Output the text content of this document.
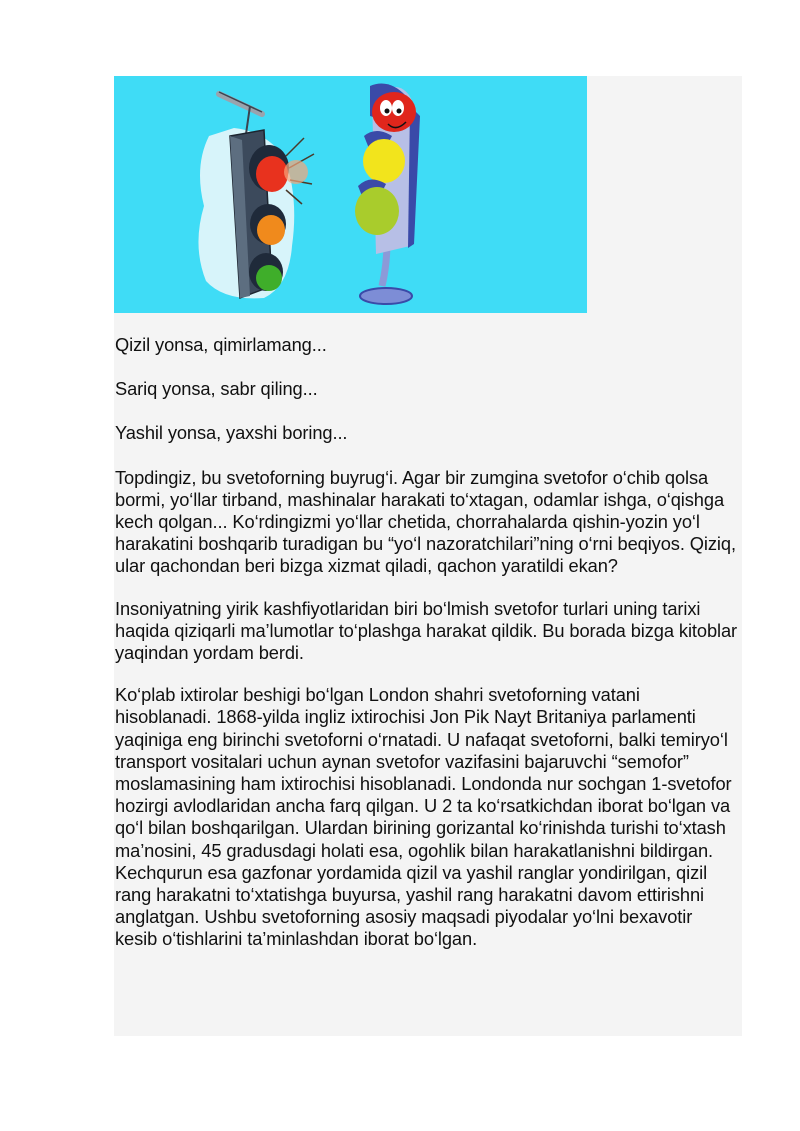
Qizil yonsa, qimirlamang...

Sariq yonsa, sabr qiling...

Yashil yonsa, yaxshi boring...

Topdingiz, bu svetoforning buyrug‘i. Agar bir zumgina svetofor o‘chib qolsa bormi, yo‘llar tirband, mashinalar harakati to‘xtagan, odamlar ishga, o‘qishga kech qolgan... Ko‘rdingizmi yo‘llar chetida, chorrahalarda qishin-yozin yo‘l harakatini boshqarib turadigan bu “yo‘l nazoratchilari”ning o‘rni beqiyos. Qiziq, ular qachondan beri bizga xizmat qiladi, qachon yaratildi ekan?

Insoniyatning yirik kashfiyotlaridan biri bo‘lmish svetofor turlari uning tarixi haqida qiziqarli ma’lumotlar to‘plashga harakat qildik. Bu borada bizga kitoblar yaqindan yordam berdi.

Ko‘plab ixtirolar beshigi bo‘lgan London shahri svetoforning vatani hisoblanadi. 1868-yilda ingliz ixtirochisi Jon Pik Nayt Britaniya parlamenti yaqiniga eng birinchi svetoforni o‘rnatadi. U nafaqat svetoforni, balki temiryo‘l transport vositalari uchun aynan svetofor vazifasini bajaruvchi “semofor” moslamasining ham ixtirochisi hisoblanadi. Londonda nur sochgan 1-svetofor hozirgi avlodlaridan ancha farq qilgan. U 2 ta ko‘rsatkichdan iborat bo‘lgan va qo‘l bilan boshqarilgan. Ulardan birining gorizantal ko‘rinishda turishi to‘xtash ma’nosini, 45 gradusdagi holati esa, ogohlik bilan harakatlanishni bildirgan. Kechqurun esa gazfonar yordamida qizil va yashil ranglar yondirilgan, qizil rang harakatni to‘xtatishga buyursa, yashil rang harakatni davom ettirishni anglatgan. Ushbu svetoforning asosiy maqsadi piyodalar yo‘lni bexavotir kesib o‘tishlarini ta’minlashdan iborat bo‘lgan.
